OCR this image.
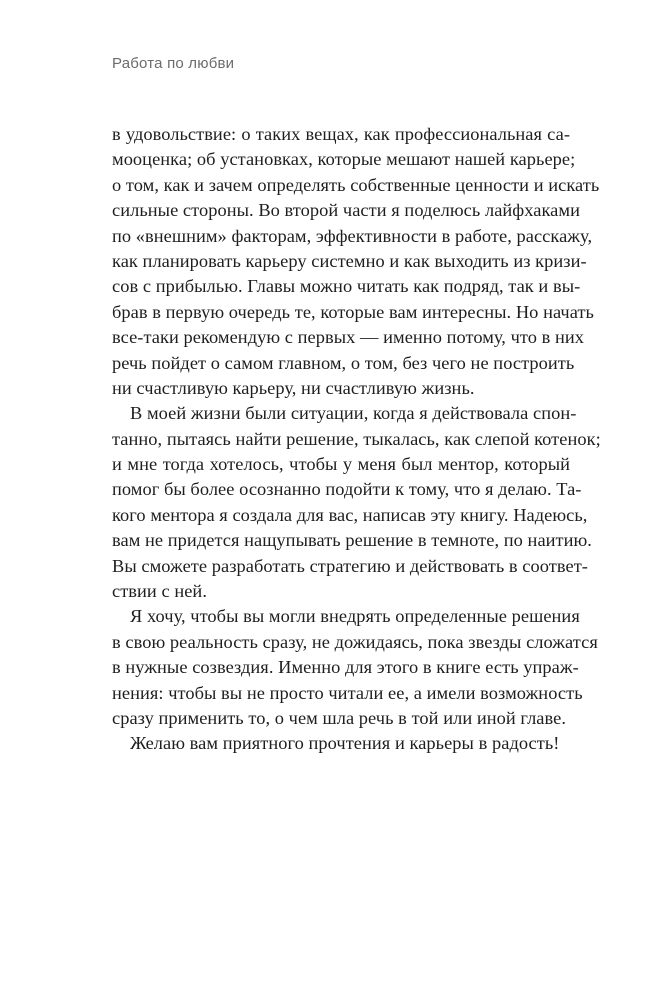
Работа по любви
в удовольствие: о таких вещах, как профессиональная са-
мооценка; об установках, которые мешают нашей карьере;
о том, как и зачем определять собственные ценности и искать
сильные стороны. Во второй части я поделюсь лайфхаками
по «внешним» факторам, эффективности в работе, расскажу,
как планировать карьеру системно и как выходить из кризи-
сов с прибылью. Главы можно читать как подряд, так и вы-
брав в первую очередь те, которые вам интересны. Но начать
все-таки рекомендую с первых — именно потому, что в них
речь пойдет о самом главном, о том, без чего не построить
ни счастливую карьеру, ни счастливую жизнь.
В моей жизни были ситуации, когда я действовала спон-
танно, пытаясь найти решение, тыкалась, как слепой котенок;
и мне тогда хотелось, чтобы у меня был ментор, который
помог бы более осознанно подойти к тому, что я делаю. Та-
кого ментора я создала для вас, написав эту книгу. Надеюсь,
вам не придется нащупывать решение в темноте, по наитию.
Вы сможете разработать стратегию и действовать в соответ-
ствии с ней.
Я хочу, чтобы вы могли внедрять определенные решения
в свою реальность сразу, не дожидаясь, пока звезды сложатся
в нужные созвездия. Именно для этого в книге есть упраж-
нения: чтобы вы не просто читали ее, а имели возможность
сразу применить то, о чем шла речь в той или иной главе.
Желаю вам приятного прочтения и карьеры в радость!
